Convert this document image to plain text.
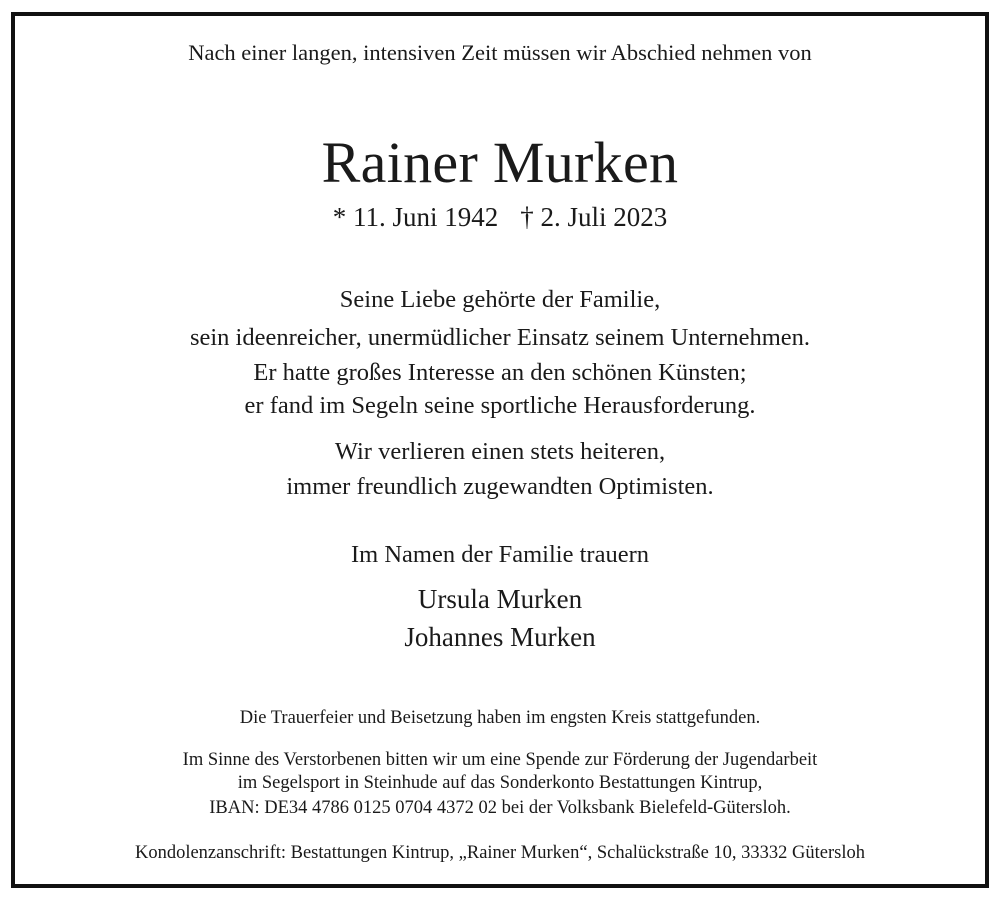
Nach einer langen, intensiven Zeit müssen wir Abschied nehmen von
Rainer Murken
* 11. Juni 1942 † 2. Juli 2023
Seine Liebe gehörte der Familie,
sein ideenreicher, unermüdlicher Einsatz seinem Unternehmen.
Er hatte großes Interesse an den schönen Künsten;
er fand im Segeln seine sportliche Herausforderung.
Wir verlieren einen stets heiteren,
immer freundlich zugewandten Optimisten.
Im Namen der Familie trauern
Ursula Murken
Johannes Murken
Die Trauerfeier und Beisetzung haben im engsten Kreis stattgefunden.
Im Sinne des Verstorbenen bitten wir um eine Spende zur Förderung der Jugendarbeit
im Segelsport in Steinhude auf das Sonderkonto Bestattungen Kintrup,
IBAN: DE34 4786 0125 0704 4372 02 bei der Volksbank Bielefeld-Gütersloh.
Kondolenzanschrift: Bestattungen Kintrup, „Rainer Murken“, Schalückstraße 10, 33332 Gütersloh
